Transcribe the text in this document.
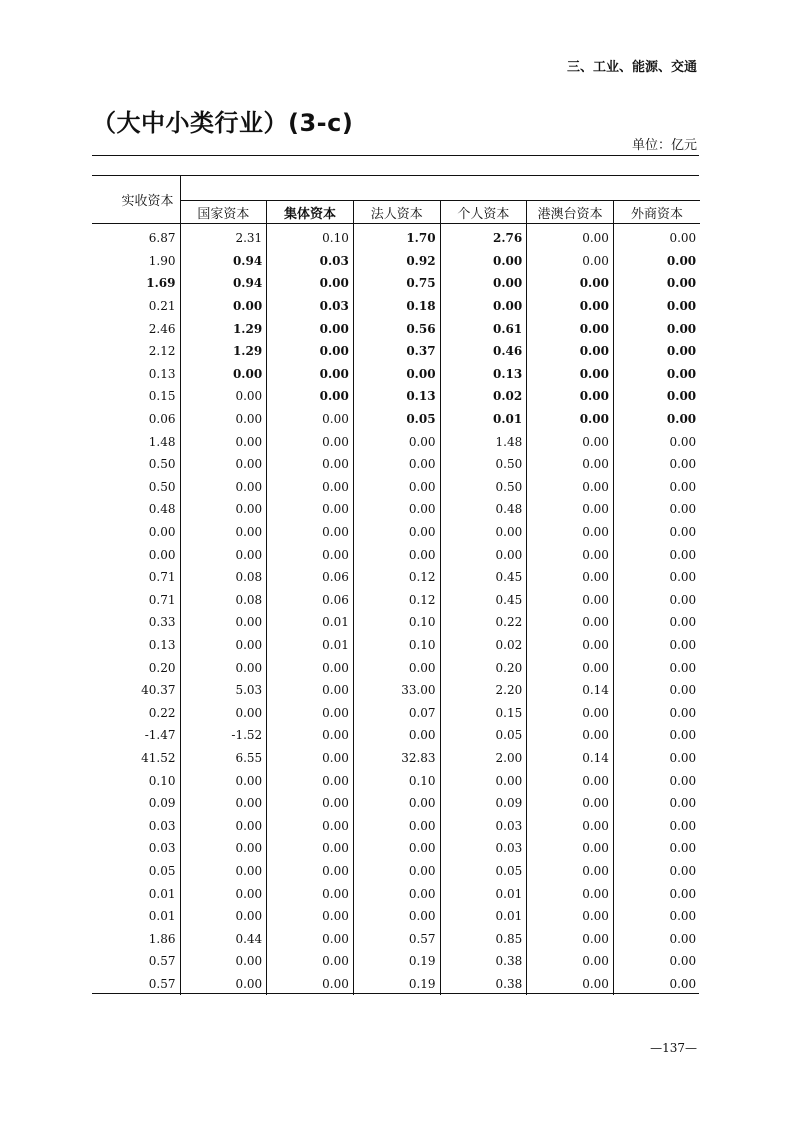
三、工业、能源、交通
（大中小类行业）(3-c)
单位：亿元
实收资本						
	国家资本	集体资本	法人资本	个人资本	港澳台资本	外商资本
6.87	2.31	0.10	1.70	2.76	0.00	0.00
1.90	0.94	0.03	0.92	0.00	0.00	0.00
1.69	0.94	0.00	0.75	0.00	0.00	0.00
0.21	0.00	0.03	0.18	0.00	0.00	0.00
2.46	1.29	0.00	0.56	0.61	0.00	0.00
2.12	1.29	0.00	0.37	0.46	0.00	0.00
0.13	0.00	0.00	0.00	0.13	0.00	0.00
0.15	0.00	0.00	0.13	0.02	0.00	0.00
0.06	0.00	0.00	0.05	0.01	0.00	0.00
1.48	0.00	0.00	0.00	1.48	0.00	0.00
0.50	0.00	0.00	0.00	0.50	0.00	0.00
0.50	0.00	0.00	0.00	0.50	0.00	0.00
0.48	0.00	0.00	0.00	0.48	0.00	0.00
0.00	0.00	0.00	0.00	0.00	0.00	0.00
0.00	0.00	0.00	0.00	0.00	0.00	0.00
0.71	0.08	0.06	0.12	0.45	0.00	0.00
0.71	0.08	0.06	0.12	0.45	0.00	0.00
0.33	0.00	0.01	0.10	0.22	0.00	0.00
0.13	0.00	0.01	0.10	0.02	0.00	0.00
0.20	0.00	0.00	0.00	0.20	0.00	0.00
40.37	5.03	0.00	33.00	2.20	0.14	0.00
0.22	0.00	0.00	0.07	0.15	0.00	0.00
-1.47	-1.52	0.00	0.00	0.05	0.00	0.00
41.52	6.55	0.00	32.83	2.00	0.14	0.00
0.10	0.00	0.00	0.10	0.00	0.00	0.00
0.09	0.00	0.00	0.00	0.09	0.00	0.00
0.03	0.00	0.00	0.00	0.03	0.00	0.00
0.03	0.00	0.00	0.00	0.03	0.00	0.00
0.05	0.00	0.00	0.00	0.05	0.00	0.00
0.01	0.00	0.00	0.00	0.01	0.00	0.00
0.01	0.00	0.00	0.00	0.01	0.00	0.00
1.86	0.44	0.00	0.57	0.85	0.00	0.00
0.57	0.00	0.00	0.19	0.38	0.00	0.00
0.57	0.00	0.00	0.19	0.38	0.00	0.00
—137—
